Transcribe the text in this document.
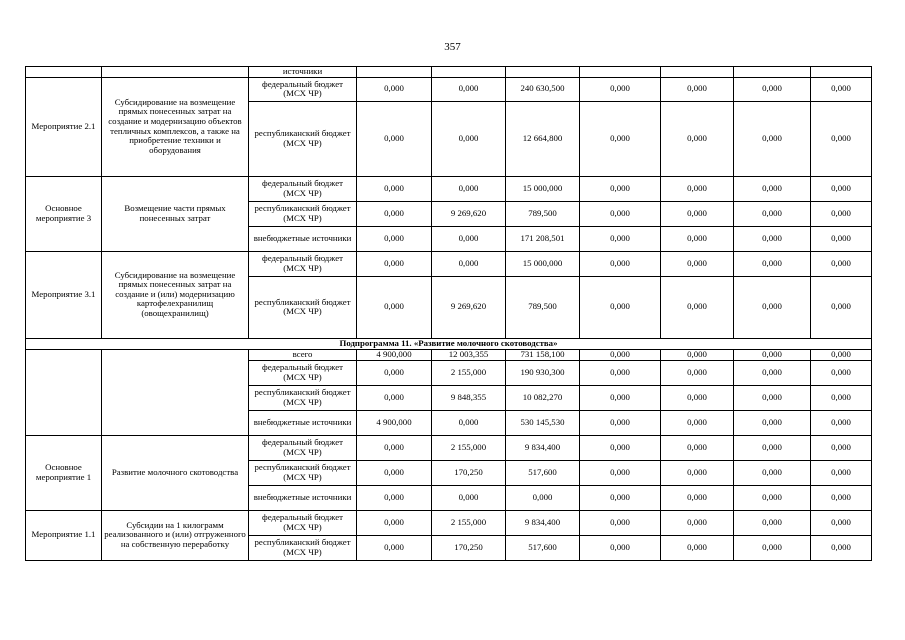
357
		источники							
Мероприятие 2.1	Субсидирование на возмещение прямых понесенных затрат на создание и модернизацию объектов тепличных комплексов, а также на приобретение техники и оборудования	федеральный бюджет (МСХ ЧР)	0,000	0,000	240 630,500	0,000	0,000	0,000	0,000
		республиканский бюджет (МСХ ЧР)	0,000	0,000	12 664,800	0,000	0,000	0,000	0,000
Основное мероприятие 3	Возмещение части прямых понесенных затрат	федеральный бюджет (МСХ ЧР)	0,000	0,000	15 000,000	0,000	0,000	0,000	0,000
		республиканский бюджет (МСХ ЧР)	0,000	9 269,620	789,500	0,000	0,000	0,000	0,000
		внебюджетные источники	0,000	0,000	171 208,501	0,000	0,000	0,000	0,000
Мероприятие 3.1	Субсидирование на возмещение прямых понесенных затрат на создание и (или) модернизацию картофелехранилищ (овощехранилищ)	федеральный бюджет (МСХ ЧР)	0,000	0,000	15 000,000	0,000	0,000	0,000	0,000
		республиканский бюджет (МСХ ЧР)	0,000	9 269,620	789,500	0,000	0,000	0,000	0,000
Подпрограмма 11. «Развитие молочного скотоводства»									
		всего	4 900,000	12 003,355	731 158,100	0,000	0,000	0,000	0,000
		федеральный бюджет (МСХ ЧР)	0,000	2 155,000	190 930,300	0,000	0,000	0,000	0,000
		республиканский бюджет (МСХ ЧР)	0,000	9 848,355	10 082,270	0,000	0,000	0,000	0,000
		внебюджетные источники	4 900,000	0,000	530 145,530	0,000	0,000	0,000	0,000
Основное мероприятие 1	Развитие молочного скотоводства	федеральный бюджет (МСХ ЧР)	0,000	2 155,000	9 834,400	0,000	0,000	0,000	0,000
		республиканский бюджет (МСХ ЧР)	0,000	170,250	517,600	0,000	0,000	0,000	0,000
		внебюджетные источники	0,000	0,000	0,000	0,000	0,000	0,000	0,000
Мероприятие 1.1	Субсидии на 1 килограмм реализованного и (или) отгруженного на собственную переработку	федеральный бюджет (МСХ ЧР)	0,000	2 155,000	9 834,400	0,000	0,000	0,000	0,000
		республиканский бюджет (МСХ ЧР)	0,000	170,250	517,600	0,000	0,000	0,000	0,000
